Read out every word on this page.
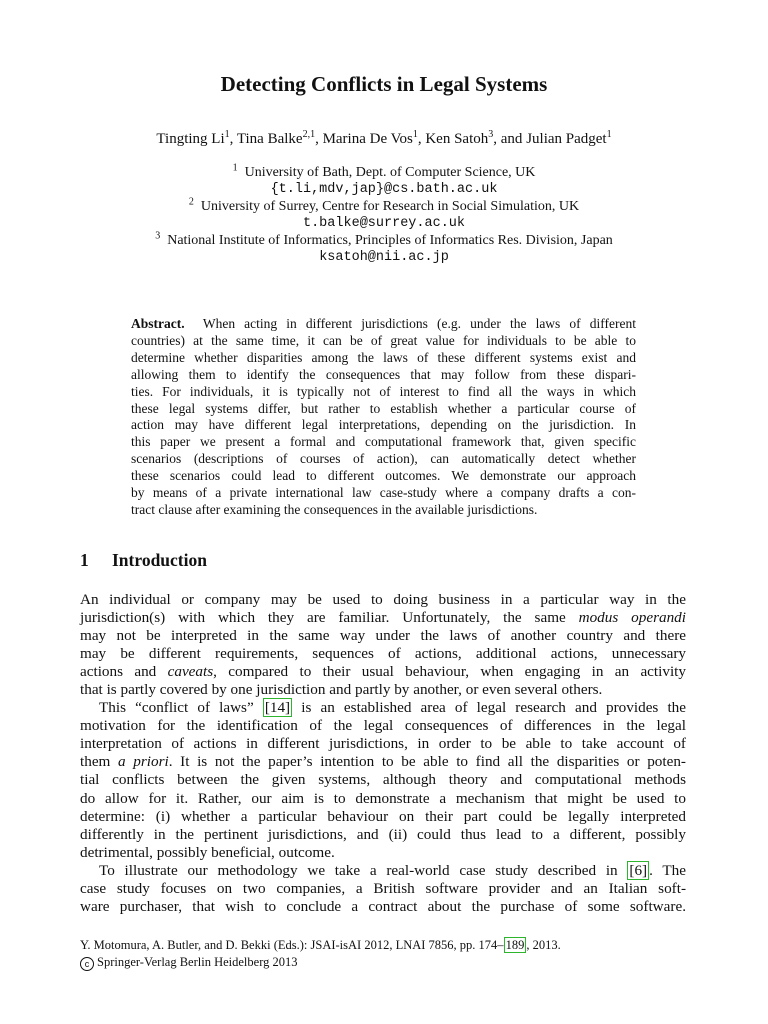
Detecting Conflicts in Legal Systems
Tingting Li$^1$, Tina Balke$^{2,1}$, Marina De Vos$^1$, Ken Satoh$^3$, and Julian Padget$^1$
$^1$ University of Bath, Dept. of Computer Science, UK
{t.li,mdv,jap}@cs.bath.ac.uk
$^2$ University of Surrey, Centre for Research in Social Simulation, UK
t.balke@surrey.ac.uk
$^3$ National Institute of Informatics, Principles of Informatics Res. Division, Japan
ksatoh@nii.ac.jp
Abstract.  When acting in different jurisdictions (e.g. under the laws of different
countries) at the same time, it can be of great value for individuals to be able to
determine whether disparities among the laws of these different systems exist and
allowing them to identify the consequences that may follow from these dispari-
ties. For individuals, it is typically not of interest to find all the ways in which
these legal systems differ, but rather to establish whether a particular course of
action may have different legal interpretations, depending on the jurisdiction. In
this paper we present a formal and computational framework that, given specific
scenarios (descriptions of courses of action), can automatically detect whether
these scenarios could lead to different outcomes. We demonstrate our approach
by means of a private international law case-study where a company drafts a con-
tract clause after examining the consequences in the available jurisdictions.
1 Introduction
An individual or company may be used to doing business in a particular way in the
jurisdiction(s) with which they are familiar. Unfortunately, the same modus operandi
may not be interpreted in the same way under the laws of another country and there
may be different requirements, sequences of actions, additional actions, unnecessary
actions and caveats, compared to their usual behaviour, when engaging in an activity
that is partly covered by one jurisdiction and partly by another, or even several others.
This “conflict of laws” [14] is an established area of legal research and provides the
motivation for the identification of the legal consequences of differences in the legal
interpretation of actions in different jurisdictions, in order to be able to take account of
them a priori. It is not the paper’s intention to be able to find all the disparities or poten-
tial conflicts between the given systems, although theory and computational methods
do allow for it. Rather, our aim is to demonstrate a mechanism that might be used to
determine: (i) whether a particular behaviour on their part could be legally interpreted
differently in the pertinent jurisdictions, and (ii) could thus lead to a different, possibly
detrimental, possibly beneficial, outcome.
To illustrate our methodology we take a real-world case study described in [6] . The
case study focuses on two companies, a British software provider and an Italian soft-
ware purchaser, that wish to conclude a contract about the purchase of some software.
Y. Motomura, A. Butler, and D. Bekki (Eds.): JSAI-isAI 2012, LNAI 7856, pp. 174– 189 , 2013.
c Springer-Verlag Berlin Heidelberg 2013
